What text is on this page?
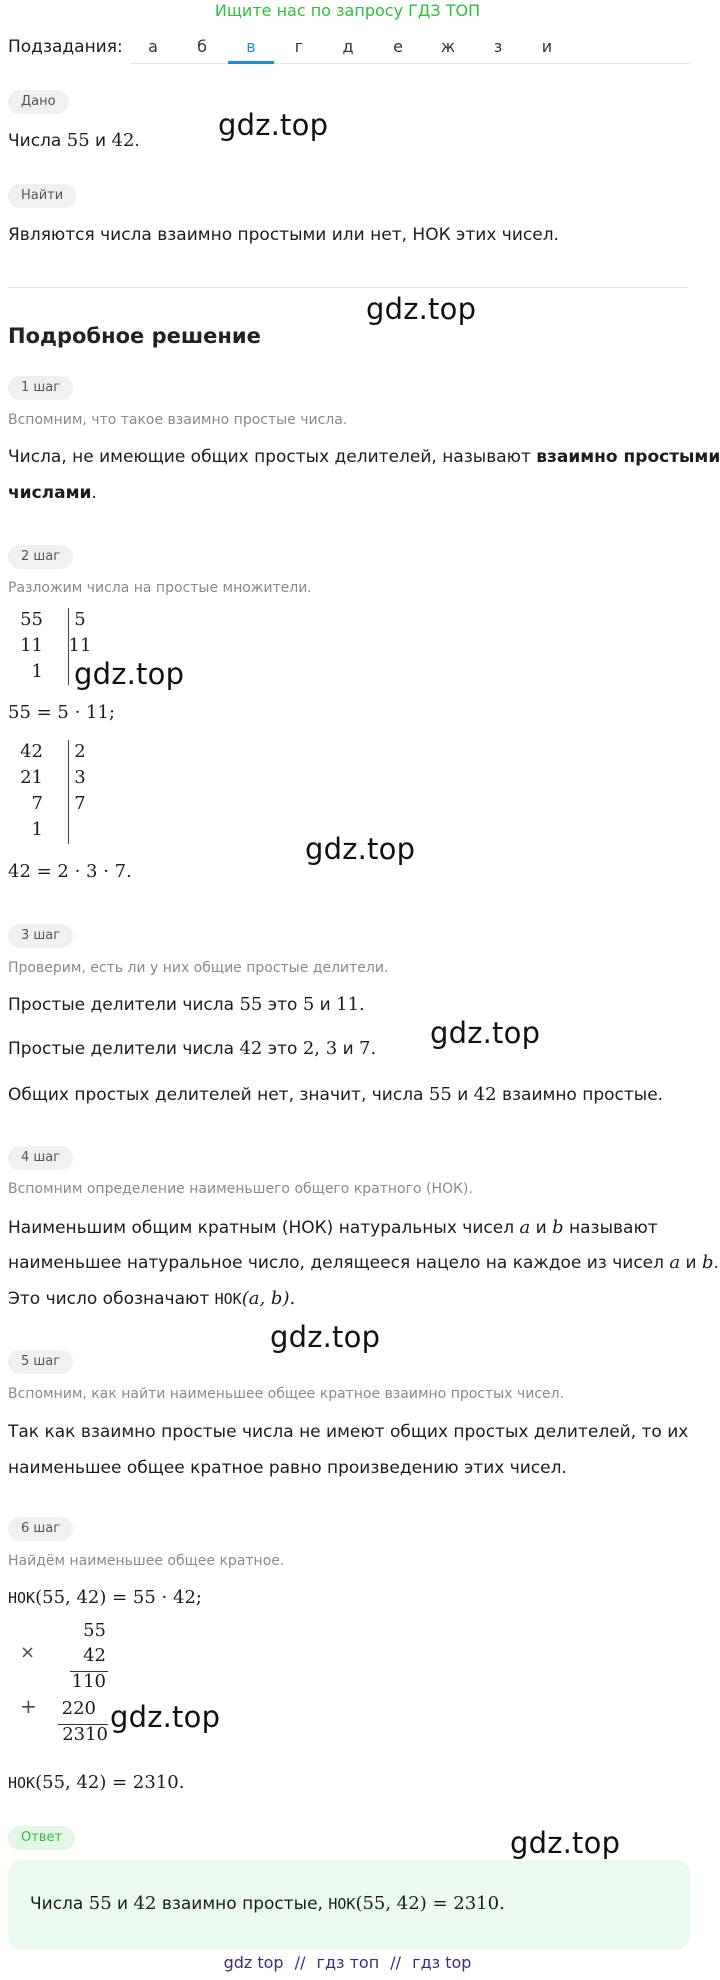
Ищите нас по запросу ГДЗ ТОП
Подзадания:	а	б	в	г	д	е	ж	з	и
Дано
Числа 55 и 42.
Найти
Являются числа взаимно простыми или нет, НОК этих чисел.
Подробное решение
1 шаг
Вспомним, что такое взаимно простые числа.
Числа, не имеющие общих простых делителей, называют взаимно простыми
числами.
2 шаг
Разложим числа на простые множители.
55	5
11	11
1	
55 = 5 · 11;
42	2
21	3
7	7
1	
42 = 2 · 3 · 7.
3 шаг
Проверим, есть ли у них общие простые делители.
Простые делители числа 55 это 5 и 11.
Простые делители числа 42 это 2, 3 и 7.
Общих простых делителей нет, значит, числа 55 и 42 взаимно простые.
4 шаг
Вспомним определение наименьшего общего кратного (НОК).
Наименьшим общим кратным (НОК) натуральных чисел a и b называют
наименьшее натуральное число, делящееся нацело на каждое из чисел a и b.
Это число обозначают НОК(a, b).
5 шаг
Вспомним, как найти наименьшее общее кратное взаимно простых чисел.
Так как взаимно простые числа не имеют общих простых делителей, то их
наименьшее общее кратное равно произведению этих чисел.
6 шаг
Найдём наименьшее общее кратное.
НОК(55, 42) = 55 · 42;
×
+
55
42
110
220
2310
НОК(55, 42) = 2310.
Ответ
Числа 55 и 42 взаимно простые, НОК(55, 42) = 2310.
gdz.top
gdz.top
gdz.top
gdz.top
gdz.top
gdz.top
gdz.top
gdz.top
gdz top // гдз топ // гдз top
